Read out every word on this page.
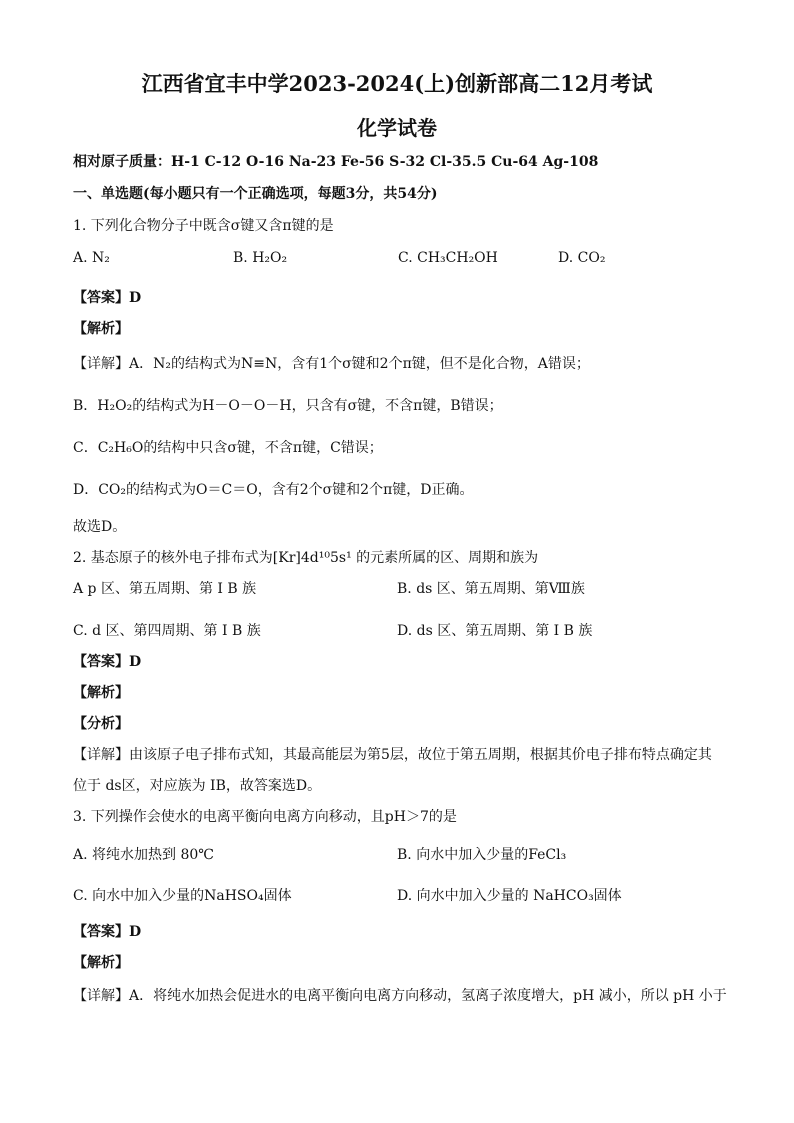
江西省宜丰中学2023-2024(上)创新部高二12月考试
化学试卷
相对原子质量：H-1 C-12 O-16 Na-23 Fe-56 S-32 Cl-35.5 Cu-64 Ag-108
一、单选题(每小题只有一个正确选项，每题3分，共54分)
1. 下列化合物分子中既含σ键又含π键的是
A. N₂	B. H₂O₂	C. CH₃CH₂OH	D. CO₂
【答案】D
【解析】
【详解】A．N₂的结构式为N≡N，含有1个σ键和2个π键，但不是化合物，A错误；
B．H₂O₂的结构式为H－O－O－H，只含有σ键，不含π键，B错误；
C．C₂H₆O的结构中只含σ键，不含π键，C错误；
D．CO₂的结构式为O＝C＝O，含有2个σ键和2个π键，D正确。
故选D。
2. 基态原子的核外电子排布式为[Kr]4d¹⁰5s¹ 的元素所属的区、周期和族为
A p 区、第五周期、第 I B 族	B. ds 区、第五周期、第Ⅷ族
C. d 区、第四周期、第 I B 族	D. ds 区、第五周期、第 I B 族
【答案】D
【解析】
【分析】
【详解】由该原子电子排布式知，其最高能层为第5层，故位于第五周期，根据其价电子排布特点确定其
位于 ds区，对应族为 IB，故答案选D。
3. 下列操作会使水的电离平衡向电离方向移动，且pH＞7的是
A. 将纯水加热到 80℃	B. 向水中加入少量的FeCl₃
C. 向水中加入少量的NaHSO₄固体	D. 向水中加入少量的 NaHCO₃固体
【答案】D
【解析】
【详解】A．将纯水加热会促进水的电离平衡向电离方向移动，氢离子浓度增大，pH 减小，所以 pH 小于
